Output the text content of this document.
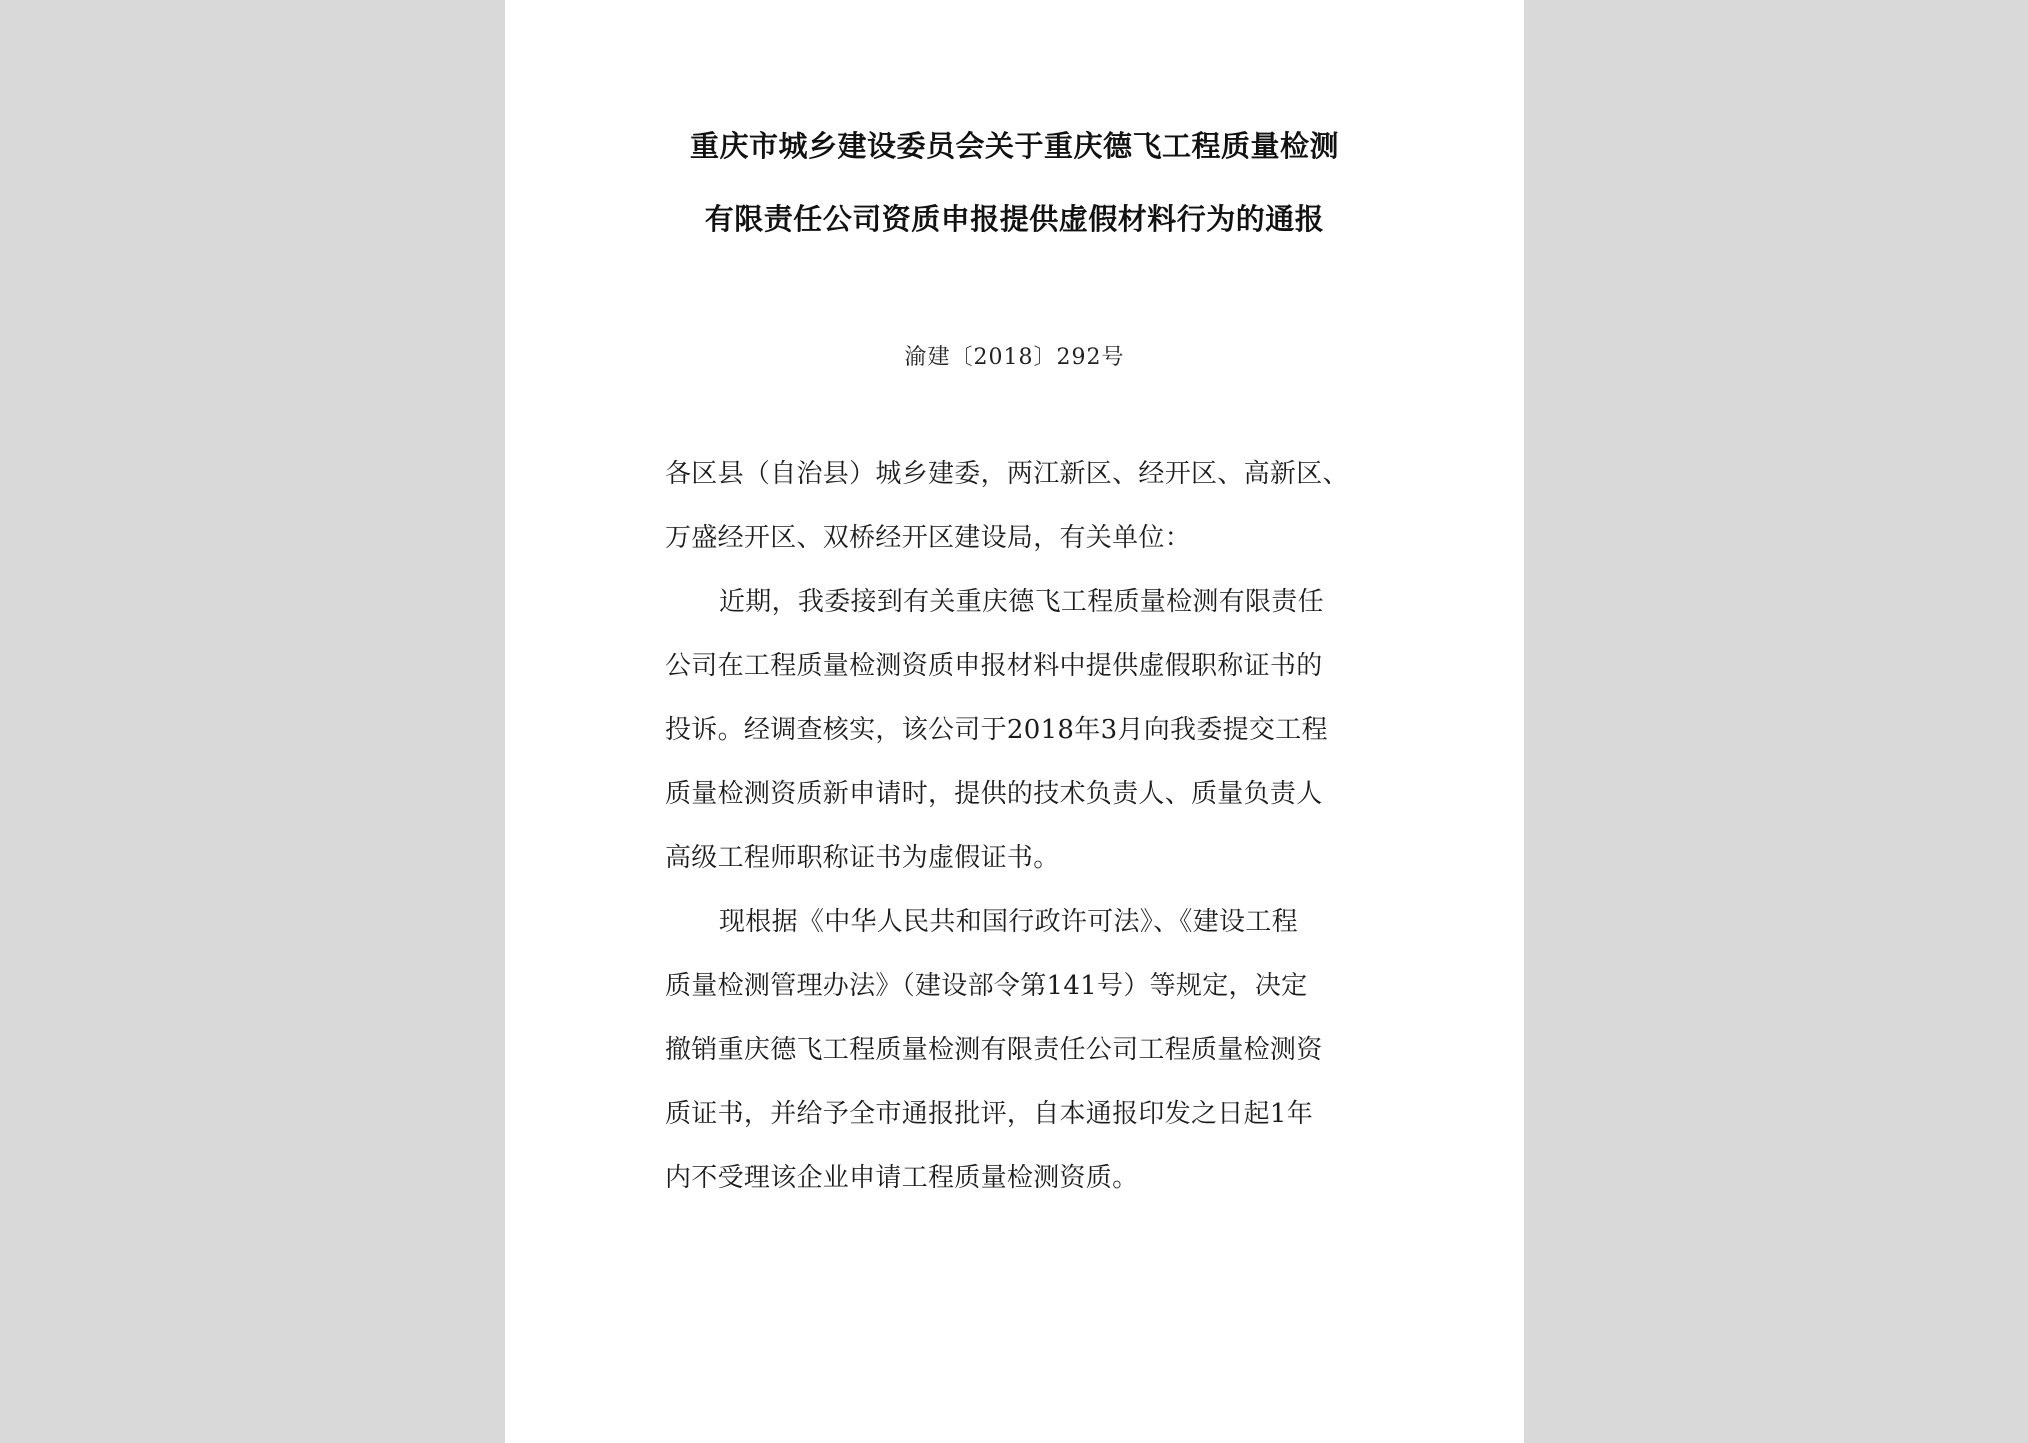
重庆市城乡建设委员会关于重庆德飞工程质量检测
有限责任公司资质申报提供虚假材料行为的通报
渝建〔2018〕292号
各区县（自治县）城乡建委，两江新区、经开区、高新区、
万盛经开区、双桥经开区建设局，有关单位：
近期，我委接到有关重庆德飞工程质量检测有限责任
公司在工程质量检测资质申报材料中提供虚假职称证书的
投诉。经调查核实，该公司于2018年3月向我委提交工程
质量检测资质新申请时，提供的技术负责人、质量负责人
高级工程师职称证书为虚假证书。
现根据《中华人民共和国行政许可法》、《建设工程
质量检测管理办法》（建设部令第141号）等规定，决定
撤销重庆德飞工程质量检测有限责任公司工程质量检测资
质证书，并给予全市通报批评，自本通报印发之日起1年
内不受理该企业申请工程质量检测资质。
